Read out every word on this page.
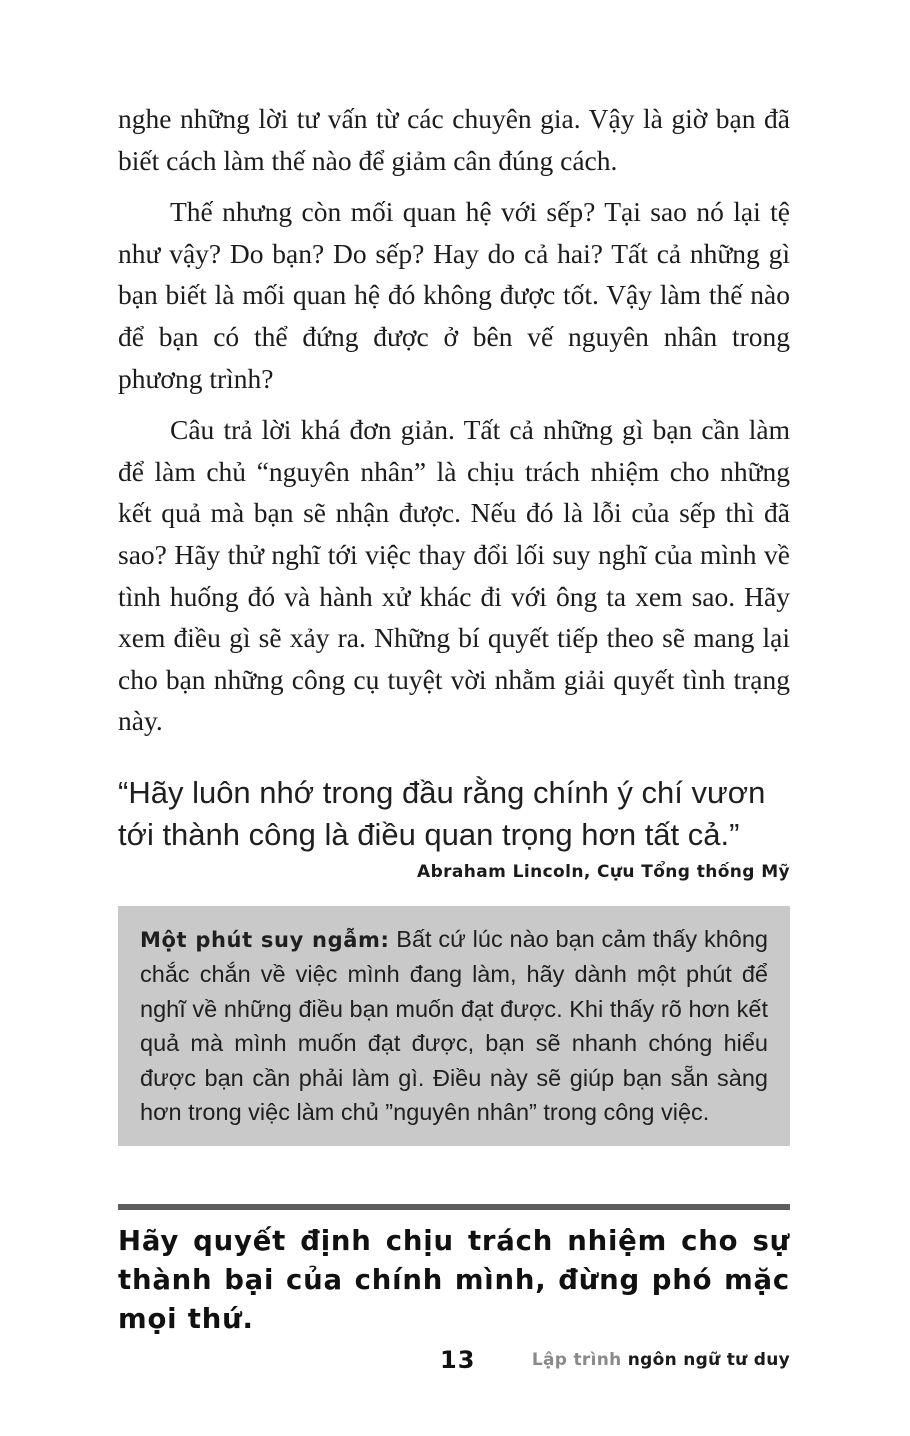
nghe những lời tư vấn từ các chuyên gia. Vậy là giờ bạn đã biết cách làm thế nào để giảm cân đúng cách.

Thế nhưng còn mối quan hệ với sếp? Tại sao nó lại tệ như vậy? Do bạn? Do sếp? Hay do cả hai? Tất cả những gì bạn biết là mối quan hệ đó không được tốt. Vậy làm thế nào để bạn có thể đứng được ở bên vế nguyên nhân trong phương trình?

Câu trả lời khá đơn giản. Tất cả những gì bạn cần làm để làm chủ “nguyên nhân” là chịu trách nhiệm cho những kết quả mà bạn sẽ nhận được. Nếu đó là lỗi của sếp thì đã sao? Hãy thử nghĩ tới việc thay đổi lối suy nghĩ của mình về tình huống đó và hành xử khác đi với ông ta xem sao. Hãy xem điều gì sẽ xảy ra. Những bí quyết tiếp theo sẽ mang lại cho bạn những công cụ tuyệt vời nhằm giải quyết tình trạng này.

“Hãy luôn nhớ trong đầu rằng chính ý chí vươn tới thành công là điều quan trọng hơn tất cả.”
Abraham Lincoln, Cựu Tổng thống Mỹ
Một phút suy ngẫm: Bất cứ lúc nào bạn cảm thấy không chắc chắn về việc mình đang làm, hãy dành một phút để nghĩ về những điều bạn muốn đạt được. Khi thấy rõ hơn kết quả mà mình muốn đạt được, bạn sẽ nhanh chóng hiểu được bạn cần phải làm gì. Điều này sẽ giúp bạn sẵn sàng hơn trong việc làm chủ ”nguyên nhân” trong công việc.
Hãy quyết định chịu trách nhiệm cho sự thành bại của chính mình, đừng phó mặc mọi thứ.
13	Lập trình ngôn ngữ tư duy
